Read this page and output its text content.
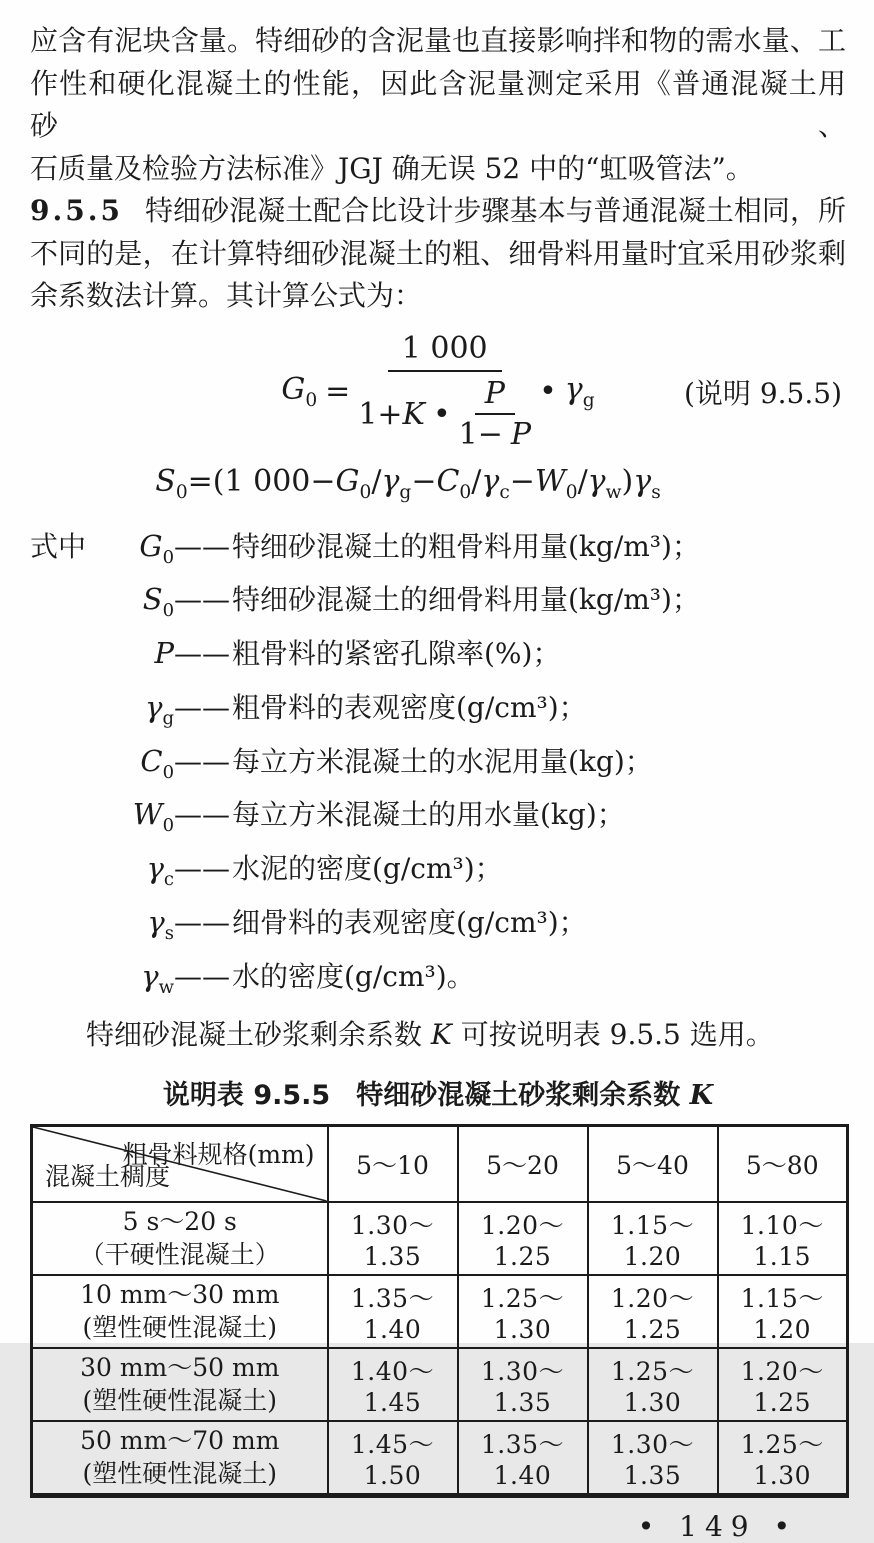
应含有泥块含量。特细砂的含泥量也直接影响拌和物的需水量、工
作性和硬化混凝土的性能，因此含泥量测定采用《普通混凝土用砂、
石质量及检验方法标准》JGJ 确无误 52 中的“虹吸管法”。
9.5.5 特细砂混凝土配合比设计步骤基本与普通混凝土相同，所
不同的是，在计算特细砂混凝土的粗、细骨料用量时宜采用砂浆剩
余系数法计算。其计算公式为：
$G_0 = \frac{1 000}{1+K • \frac{P}{1- P}}$ • $\gamma_g$	(说明 9.5.5)
$S_0=(1$ $000-G_0/\gamma_g-C_0/\gamma_c-W_0/\gamma_w)\gamma_s$
式中	$G_0$ —— 特细砂混凝土的粗骨料用量(kg/m³)；
$S_0$ —— 特细砂混凝土的细骨料用量(kg/m³)；
P —— 粗骨料的紧密孔隙率(%)；
$\gamma_g$ —— 粗骨料的表观密度(g/cm³)；
$C_0$ —— 每立方米混凝土的水泥用量(kg)；
$W_0$ —— 每立方米混凝土的用水量(kg)；
$\gamma_c$ —— 水泥的密度(g/cm³)；
$\gamma_s$ —— 细骨料的表观密度(g/cm³)；
$\gamma_w$ —— 水的密度(g/cm³)。
特细砂混凝土砂浆剩余系数 K 可按说明表 9.5.5 选用。
说明表 9.5.5 特细砂混凝土砂浆剩余系数 K
粗骨料规格(mm)
混凝土稠度	5～10	5～20	5～40	5～80

5 s～20 s
（干硬性混凝土）	1.30～1.35	1.20～1.25	1.15～1.20	1.10～1.15

10 mm～30 mm
(塑性硬性混凝土)	1.35～1.40	1.25～1.30	1.20～1.25	1.15～1.20

30 mm～50 mm
(塑性硬性混凝土)	1.40～1.45	1.30～1.35	1.25～1.30	1.20～1.25

50 mm～70 mm
(塑性硬性混凝土)	1.45～1.50	1.35～1.40	1.30～1.35	1.25～1.30
• 149 •
